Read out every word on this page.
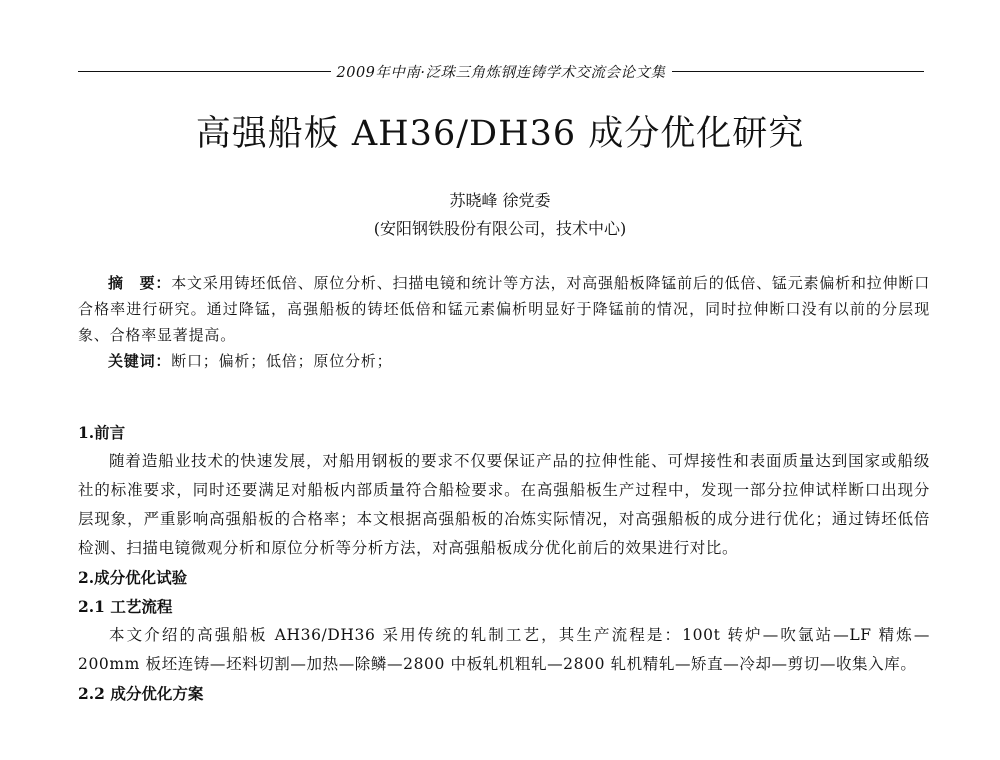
2009年中南·泛珠三角炼钢连铸学术交流会论文集
高强船板 AH36/DH36 成分优化研究
苏晓峰 徐党委
(安阳钢铁股份有限公司，技术中心)

摘　要：本文采用铸坯低倍、原位分析、扫描电镜和统计等方法，对高强船板降锰前后的低倍、锰元素偏析和拉伸断口合格率进行研究。通过降锰，高强船板的铸坯低倍和锰元素偏析明显好于降锰前的情况，同时拉伸断口没有以前的分层现象、合格率显著提高。

关键词：断口；偏析；低倍；原位分析；

1.前言

随着造船业技术的快速发展，对船用钢板的要求不仅要保证产品的拉伸性能、可焊接性和表面质量达到国家或船级社的标准要求，同时还要满足对船板内部质量符合船检要求。在高强船板生产过程中，发现一部分拉伸试样断口出现分层现象，严重影响高强船板的合格率；本文根据高强船板的冶炼实际情况，对高强船板的成分进行优化；通过铸坯低倍检测、扫描电镜微观分析和原位分析等分析方法，对高强船板成分优化前后的效果进行对比。

2.成分优化试验
2.1 工艺流程

本文介绍的高强船板 AH36/DH36 采用传统的轧制工艺，其生产流程是：100t 转炉—吹氩站—LF 精炼—200mm 板坯连铸—坯料切割—加热—除鳞—2800 中板轧机粗轧—2800 轧机精轧—矫直—冷却—剪切—收集入库。

2.2 成分优化方案
